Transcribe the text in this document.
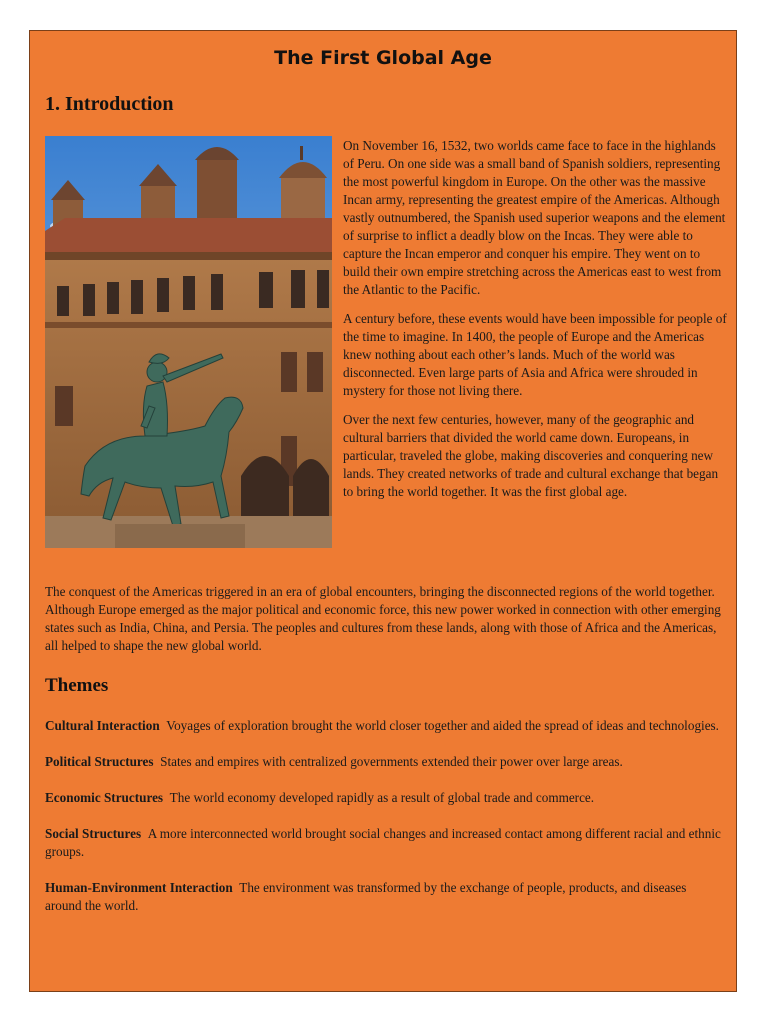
The First Global Age
1. Introduction

On November 16, 1532, two worlds came face to face in the highlands of Peru. On one side was a small band of Spanish soldiers, representing the most powerful kingdom in Europe. On the other was the massive Incan army, representing the greatest empire of the Americas. Although vastly outnumbered, the Spanish used superior weapons and the element of surprise to inflict a deadly blow on the Incas. They were able to capture the Incan emperor and conquer his empire. They went on to build their own empire stretching across the Americas east to west from the Atlantic to the Pacific.

A century before, these events would have been impossible for people of the time to imagine. In 1400, the people of Europe and the Americas knew nothing about each other’s lands. Much of the world was disconnected. Even large parts of Asia and Africa were shrouded in mystery for those not living there.

Over the next few centuries, however, many of the geographic and cultural barriers that divided the world came down. Europeans, in particular, traveled the globe, making discoveries and conquering new lands. They created networks of trade and cultural exchange that began to bring the world together. It was the first global age.

The conquest of the Americas triggered in an era of global encounters, bringing the disconnected regions of the world together. Although Europe emerged as the major political and economic force, this new power worked in connection with other emerging states such as India, China, and Persia. The peoples and cultures from these lands, along with those of Africa and the Americas, all helped to shape the new global world.

Themes

Cultural Interaction Voyages of exploration brought the world closer together and aided the spread of ideas and technologies.

Political Structures States and empires with centralized governments extended their power over large areas.

Economic Structures The world economy developed rapidly as a result of global trade and commerce.

Social Structures A more interconnected world brought social changes and increased contact among different racial and ethnic groups.

Human-Environment Interaction The environment was transformed by the exchange of people, products, and diseases around the world.
